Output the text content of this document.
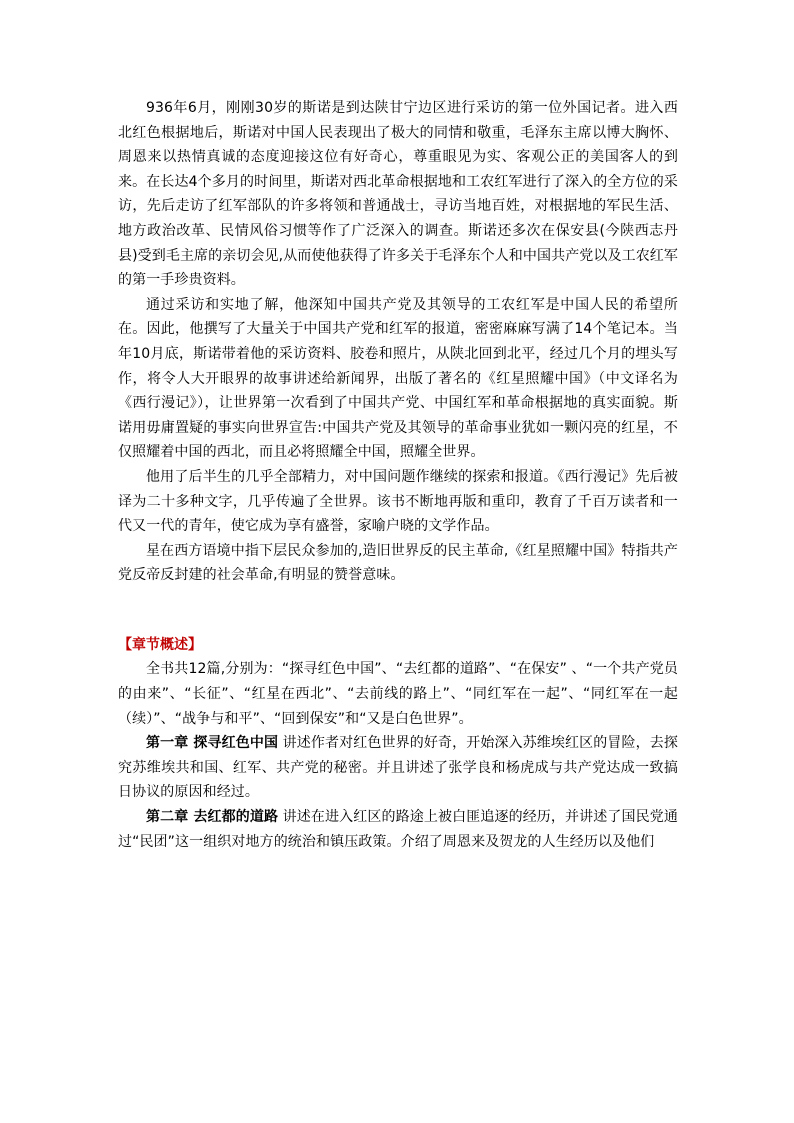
936年6月，刚刚30岁的斯诺是到达陕甘宁边区进行采访的第一位外国记者。进入西北红色根据地后，斯诺对中国人民表现出了极大的同情和敬重，毛泽东主席以博大胸怀、周恩来以热情真诚的态度迎接这位有好奇心，尊重眼见为实、客观公正的美国客人的到来。在长达4个多月的时间里，斯诺对西北革命根据地和工农红军进行了深入的全方位的采访，先后走访了红军部队的许多将领和普通战士，寻访当地百姓，对根据地的军民生活、地方政治改革、民情风俗习惯等作了广泛深入的调查。斯诺还多次在保安县(今陕西志丹县)受到毛主席的亲切会见,从而使他获得了许多关于毛泽东个人和中国共产党以及工农红军的第一手珍贵资料。

通过采访和实地了解，他深知中国共产党及其领导的工农红军是中国人民的希望所在。因此，他撰写了大量关于中国共产党和红军的报道，密密麻麻写满了14个笔记本。当年10月底，斯诺带着他的采访资料、胶卷和照片，从陕北回到北平，经过几个月的埋头写作，将令人大开眼界的故事讲述给新闻界，出版了著名的《红星照耀中国》（中文译名为《西行漫记》），让世界第一次看到了中国共产党、中国红军和革命根据地的真实面貌。斯诺用毋庸置疑的事实向世界宣告:中国共产党及其领导的革命事业犹如一颗闪亮的红星，不仅照耀着中国的西北，而且必将照耀全中国，照耀全世界。

他用了后半生的几乎全部精力，对中国问题作继续的探索和报道。《西行漫记》先后被译为二十多种文字，几乎传遍了全世界。该书不断地再版和重印，教育了千百万读者和一代又一代的青年，使它成为享有盛誉，家喻户晓的文学作品。

星在西方语境中指下层民众参加的,造旧世界反的民主革命,《红星照耀中国》特指共产党反帝反封建的社会革命,有明显的赞誉意味。

【章节概述】

全书共12篇,分别为：“探寻红色中国”、“去红都的道路”、“在保安” 、“一个共产党员的由来”、“长征”、“红星在西北”、“去前线的路上”、“同红军在一起”、“同红军在一起（续）”、“战争与和平”、“回到保安”和“又是白色世界”。

第一章 探寻红色中国 讲述作者对红色世界的好奇，开始深入苏维埃红区的冒险，去探究苏维埃共和国、红军、共产党的秘密。并且讲述了张学良和杨虎成与共产党达成一致搞日协议的原因和经过。

第二章 去红都的道路 讲述在进入红区的路途上被白匪追逐的经历，并讲述了国民党通过“民团”这一组织对地方的统治和镇压政策。介绍了周恩来及贺龙的人生经历以及他们
